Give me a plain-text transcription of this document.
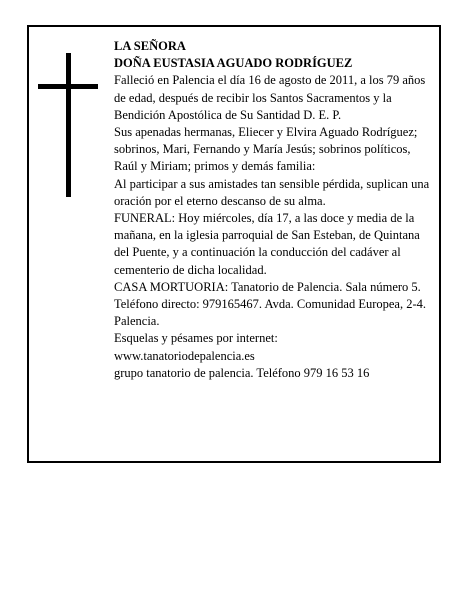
LA SEÑORA

DOÑA EUSTASIA AGUADO RODRÍGUEZ

Falleció en Palencia el día 16 de agosto de 2011, a los 79 años de edad, después de recibir los Santos Sacramentos y la Bendición Apostólica de Su Santidad D. E. P.

Sus apenadas hermanas, Eliecer y Elvira Aguado Rodríguez; sobrinos, Mari, Fernando y María Jesús; sobrinos políticos, Raúl y Miriam; primos y demás familia:

Al participar a sus amistades tan sensible pérdida, suplican una oración por el eterno descanso de su alma.

FUNERAL: Hoy miércoles, día 17, a las doce y media de la mañana, en la iglesia parroquial de San Esteban, de Quintana del Puente, y a continuación la conducción del cadáver al cementerio de dicha localidad.

CASA MORTUORIA: Tanatorio de Palencia. Sala número 5. Teléfono directo: 979165467. Avda. Comunidad Europea, 2-4. Palencia.

Esquelas y pésames por internet:

www.tanatoriodepalencia.es

grupo tanatorio de palencia. Teléfono 979 16 53 16
